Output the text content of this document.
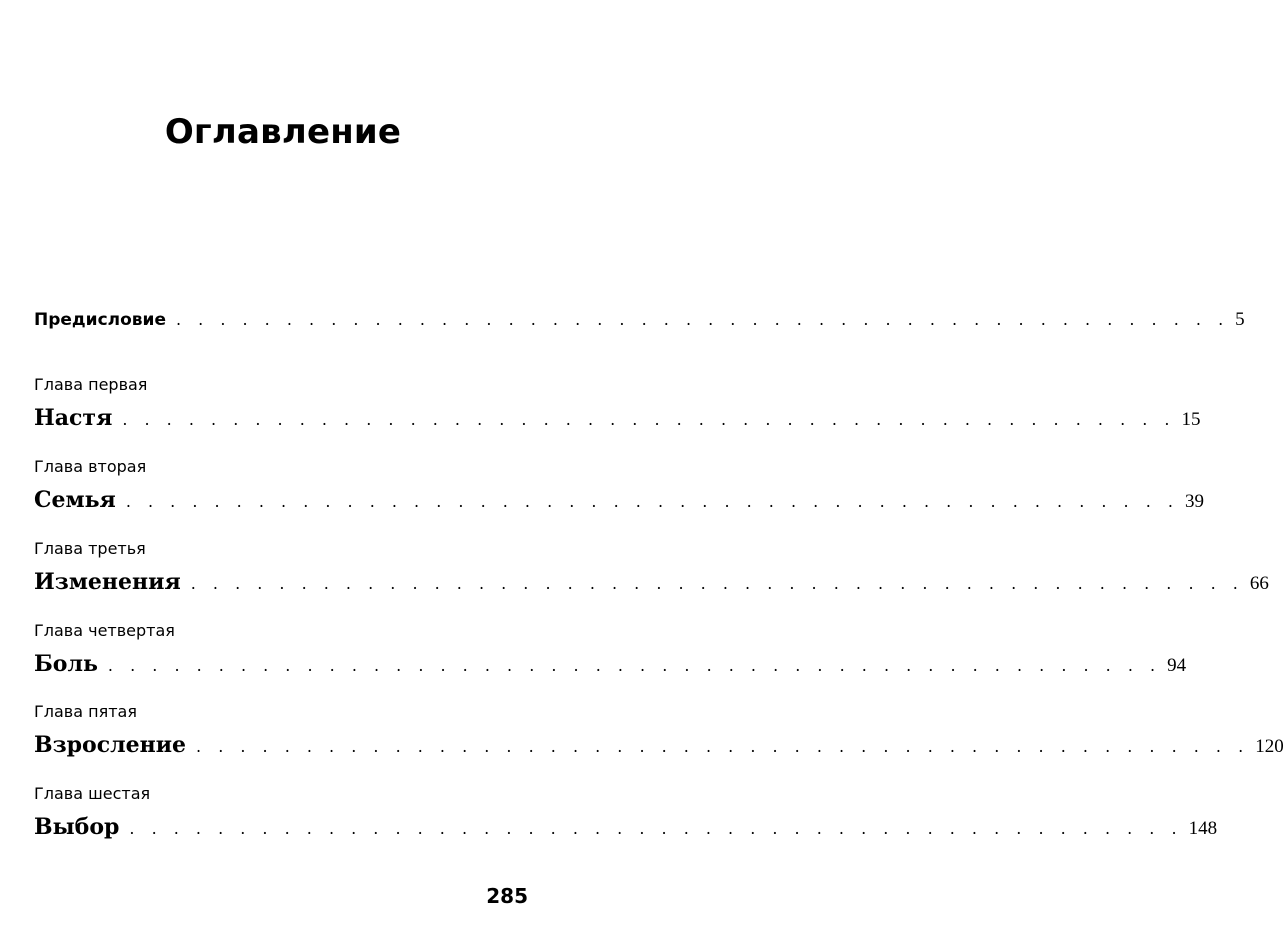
Оглавление
Предисловие . . . . . . . . . . . . . . . . . . . . . . . . . . . . . . . . . . . . . . . . . . . . . . . . 5
Глава первая
Настя . . . . . . . . . . . . . . . . . . . . . . . . . . . . . . . . . . . . . . . . . . . . . . . . 15
Глава вторая
Семья . . . . . . . . . . . . . . . . . . . . . . . . . . . . . . . . . . . . . . . . . . . . . . . . 39
Глава третья
Изменения . . . . . . . . . . . . . . . . . . . . . . . . . . . . . . . . . . . . . . . . . . . . . . . . 66
Глава четвертая
Боль . . . . . . . . . . . . . . . . . . . . . . . . . . . . . . . . . . . . . . . . . . . . . . . . 94
Глава пятая
Взросление . . . . . . . . . . . . . . . . . . . . . . . . . . . . . . . . . . . . . . . . . . . . . . . . 120
Глава шестая
Выбор . . . . . . . . . . . . . . . . . . . . . . . . . . . . . . . . . . . . . . . . . . . . . . . . 148
285
